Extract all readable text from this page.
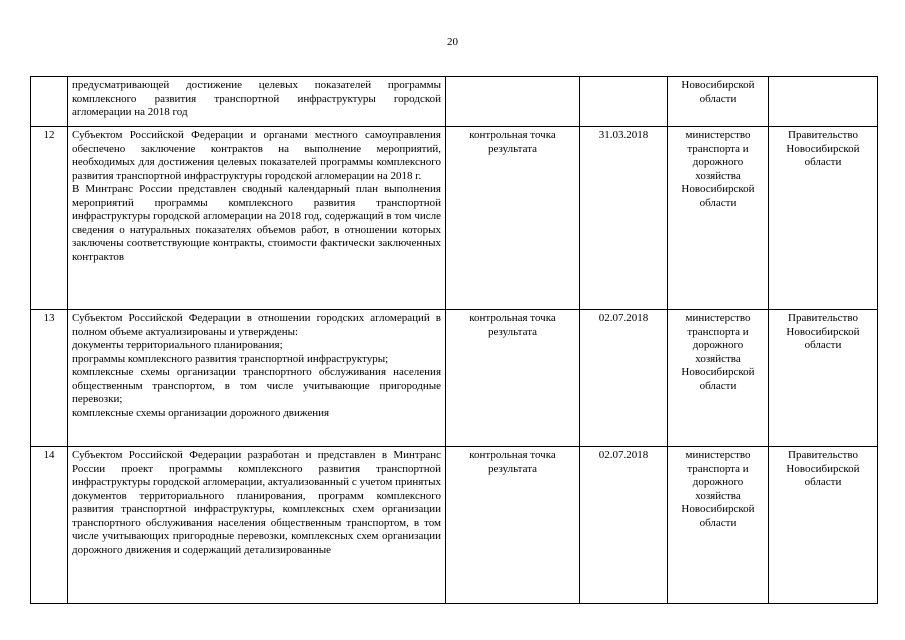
20

	предусматривающей достижение целевых показателей программы комплексного развития транспортной инфраструктуры городской агломерации на 2018 год			Новосибирской области	
12	Субъектом Российской Федерации и органами местного самоуправления обеспечено заключение контрактов на выполнение мероприятий, необходимых для достижения целевых показателей программы комплексного развития транспортной инфраструктуры городской агломерации на 2018 г.
В Минтранс России представлен сводный календарный план выполнения мероприятий программы комплексного развития транспортной инфраструктуры городской агломерации на 2018 год, содержащий в том числе сведения о натуральных показателях объемов работ, в отношении которых заключены соответствующие контракты, стоимости фактически заключенных контрактов	контрольная точка результата	31.03.2018	министерство транспорта и дорожного хозяйства Новосибирской области	Правительство Новосибирской области
13	Субъектом Российской Федерации в отношении городских агломераций в полном объеме актуализированы и утверждены:
документы территориального планирования;
программы комплексного развития транспортной инфраструктуры;
комплексные схемы организации транспортного обслуживания населения общественным транспортом, в том числе учитывающие пригородные перевозки;
комплексные схемы организации дорожного движения	контрольная точка результата	02.07.2018	министерство транспорта и дорожного хозяйства Новосибирской области	Правительство Новосибирской области
14	Субъектом Российской Федерации разработан и представлен в Минтранс России проект программы комплексного развития транспортной инфраструктуры городской агломерации, актуализованный с учетом принятых документов территориального планирования, программ комплексного развития транспортной инфраструктуры, комплексных схем организации транспортного обслуживания населения общественным транспортом, в том числе учитывающих пригородные перевозки, комплексных схем организации дорожного движения и содержащий детализированные	контрольная точка результата	02.07.2018	министерство транспорта и дорожного хозяйства Новосибирской области	Правительство Новосибирской области
